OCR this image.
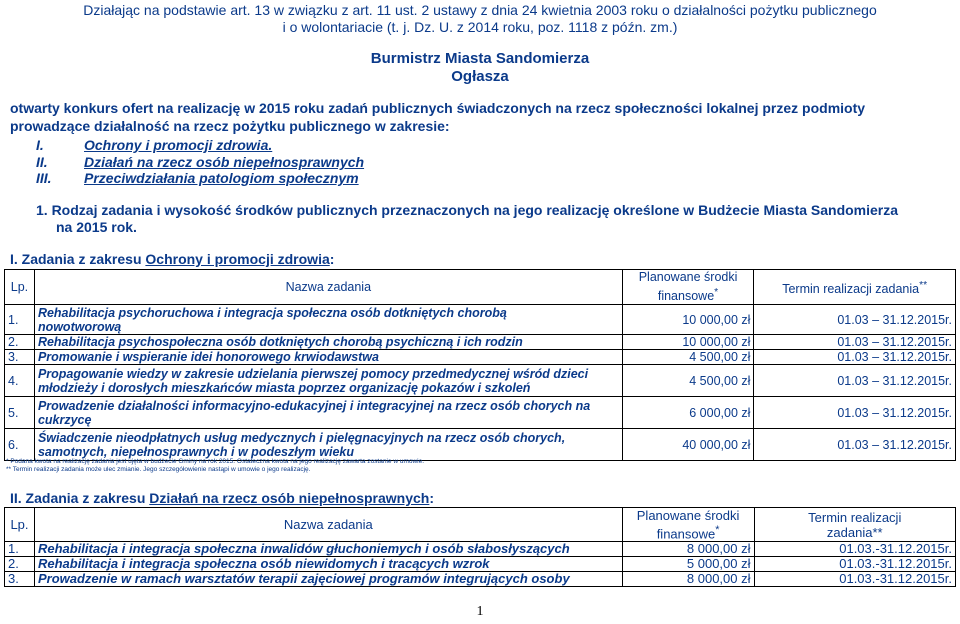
Działając na podstawie art. 13 w związku z art. 11 ust. 2 ustawy z dnia 24 kwietnia 2003 roku o działalności pożytku publicznego
i o wolontariacie (t. j. Dz. U. z 2014 roku, poz. 1118 z późn. zm.)
Burmistrz Miasta Sandomierza
Ogłasza
otwarty konkurs ofert na realizację w 2015 roku zadań publicznych świadczonych na rzecz społeczności lokalnej przez podmioty
prowadzące działalność na rzecz pożytku publicznego w zakresie:
I.	Ochrony i promocji zdrowia.
II.	Działań na rzecz osób niepełnosprawnych
III. Przeciwdziałania patologiom społecznym
1. Rodzaj zadania i wysokość środków publicznych przeznaczonych na jego realizację określone w Budżecie Miasta Sandomierza
na 2015 rok.
I. Zadania z zakresu Ochrony i promocji zdrowia:
Lp.	Nazwa zadania	Planowane środki
finansowe*	Termin realizacji zadania**
1.	Rehabilitacja psychoruchowa i integracja społeczna osób dotkniętych chorobą
nowotworową	10 000,00 zł	01.03 – 31.12.2015r.
2.	Rehabilitacja psychospołeczna osób dotkniętych chorobą psychiczną i ich rodzin	10 000,00 zł	01.03 – 31.12.2015r.
3.	Promowanie i wspieranie idei honorowego krwiodawstwa	4 500,00 zł	01.03 – 31.12.2015r.
4.	Propagowanie wiedzy w zakresie udzielania pierwszej pomocy przedmedycznej wśród dzieci
młodzieży i dorosłych mieszkańców miasta poprzez organizację pokazów i szkoleń	4 500,00 zł	01.03 – 31.12.2015r.
5.	Prowadzenie działalności informacyjno-edukacyjnej i integracyjnej na rzecz osób chorych na
cukrzycę	6 000,00 zł	01.03 – 31.12.2015r.
6.	Świadczenie nieodpłatnych usług medycznych i pielęgnacyjnych na rzecz osób chorych,
samotnych, niepełnosprawnych i w podeszłym wieku	40 000,00 zł	01.03 – 31.12.2015r.
* Podana kwota na realizację zadania jest ujęta w budżecie Gminy na rok 2015. Ostateczna kwota na jego realizację zawarta zostanie w umowie.
** Termin realizacji zadania może ulec zmianie. Jego szczegółowienie nastąpi w umowie o jego realizację.
II. Zadania z zakresu Działań na rzecz osób niepełnosprawnych:
Lp.	Nazwa zadania	Planowane środki
finansowe*	Termin realizacji
zadania**
1.	Rehabilitacja i integracja społeczna inwalidów głuchoniemych i osób słabosłyszących	8 000,00 zł	01.03.-31.12.2015r.
2.	Rehabilitacja i integracja społeczna osób niewidomych i tracących wzrok	5 000,00 zł	01.03.-31.12.2015r.
3.	Prowadzenie w ramach warsztatów terapii zajęciowej programów integrujących osoby	8 000,00 zł	01.03.-31.12.2015r.
1
